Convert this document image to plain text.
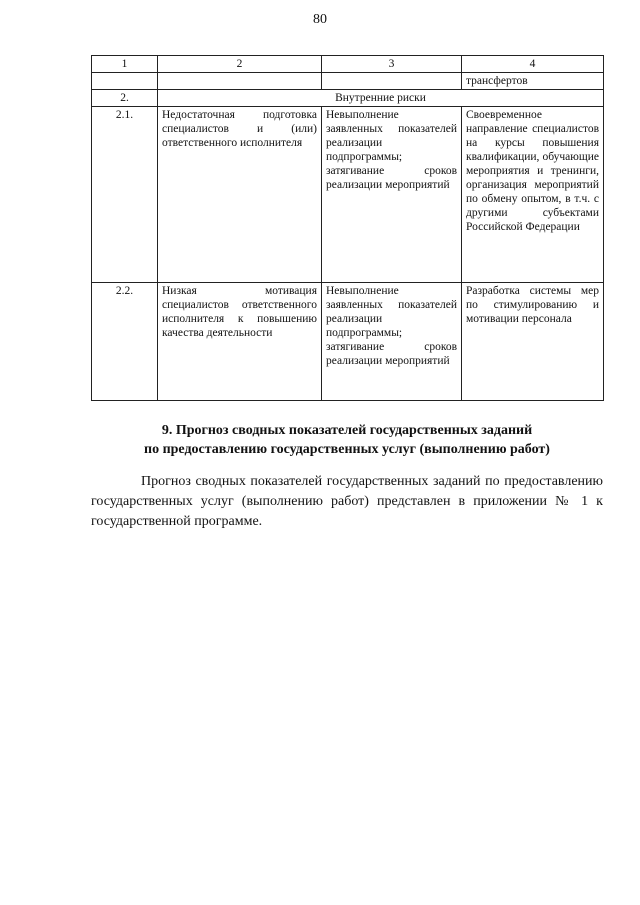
80
1	2	3	4
			трансфертов
2.	Внутренние риски		
2.1.	Недостаточная подготовка специалистов и (или) ответственного исполнителя	Невыполнение заявленных показателей реализации подпрограммы; затягивание сроков реализации мероприятий	Своевременное направление специалистов на курсы повышения квалификации, обучающие мероприятия и тренинги, организация мероприятий по обмену опытом, в т.ч. с другими субъектами Российской Федерации
2.2.	Низкая мотивация специалистов ответственного исполнителя к повышению качества деятельности	Невыполнение заявленных показателей реализации подпрограммы; затягивание сроков реализации мероприятий	Разработка системы мер по стимулированию и мотивации персонала
9. Прогноз сводных показателей государственных заданий
по предоставлению государственных услуг (выполнению работ)

Прогноз сводных показателей государственных заданий по предоставлению государственных услуг (выполнению работ) представлен в приложении № 1 к государственной программе.
